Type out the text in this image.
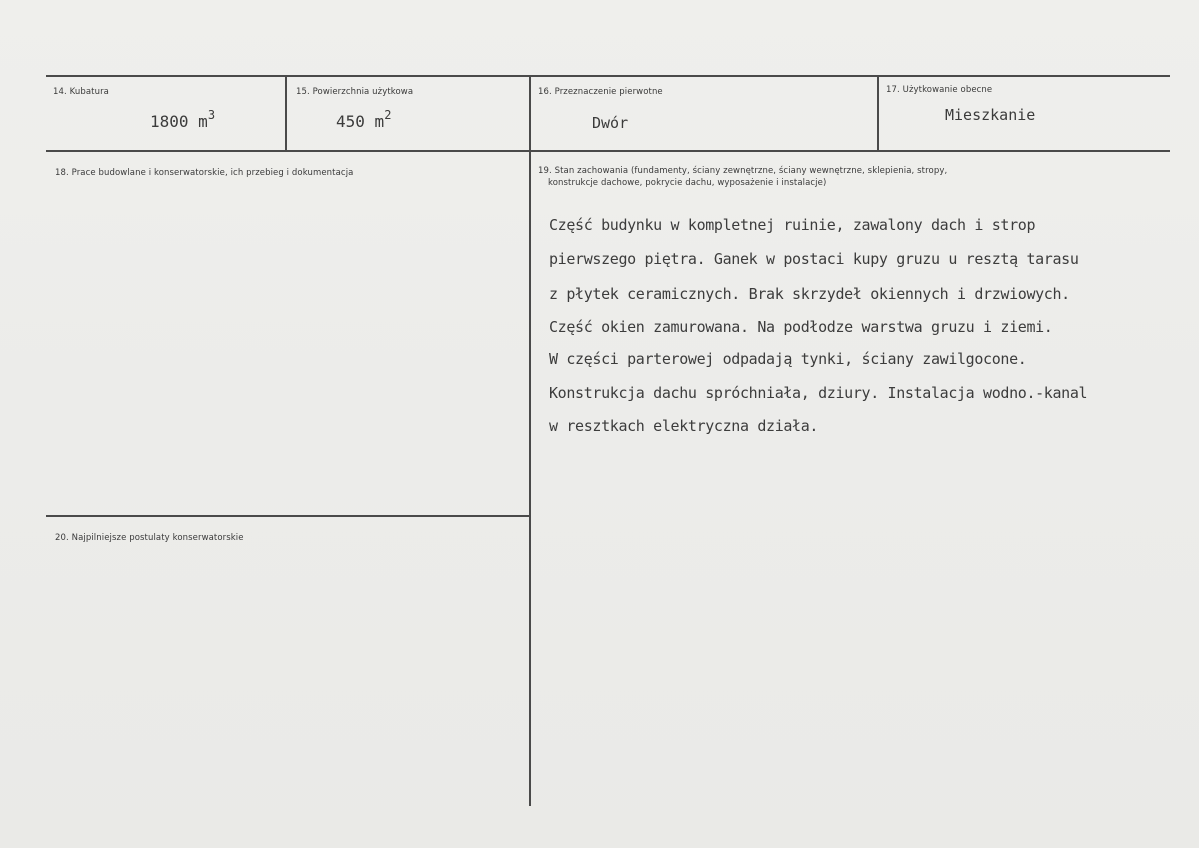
14. Kubatura
1800 $m^3$
15. Powierzchnia użytkowa
450 $m^2$
16. Przeznaczenie pierwotne
Dwór
17. Użytkowanie obecne
Mieszkanie
18. Prace budowlane i konserwatorskie, ich przebieg i dokumentacja	19. Stan zachowania (fundamenty, ściany zewnętrzne, ściany wewnętrzne, sklepienia, stropy,
konstrukcje dachowe, pokrycie dachu, wyposażenie i instalacje)
Część budynku w kompletnej ruinie, zawalony dach i strop
pierwszego piętra. Ganek w postaci kupy gruzu u resztą tarasu
z płytek ceramicznych. Brak skrzydeł okiennych i drzwiowych.
Część okien zamurowana. Na podłodze warstwa gruzu i ziemi.
W części parterowej odpadają tynki, ściany zawilgocone.
Konstrukcja dachu spróchniała, dziury. Instalacja wodno.-kanal
w resztkach elektryczna działa.
20. Najpilniejsze postulaty konserwatorskie
